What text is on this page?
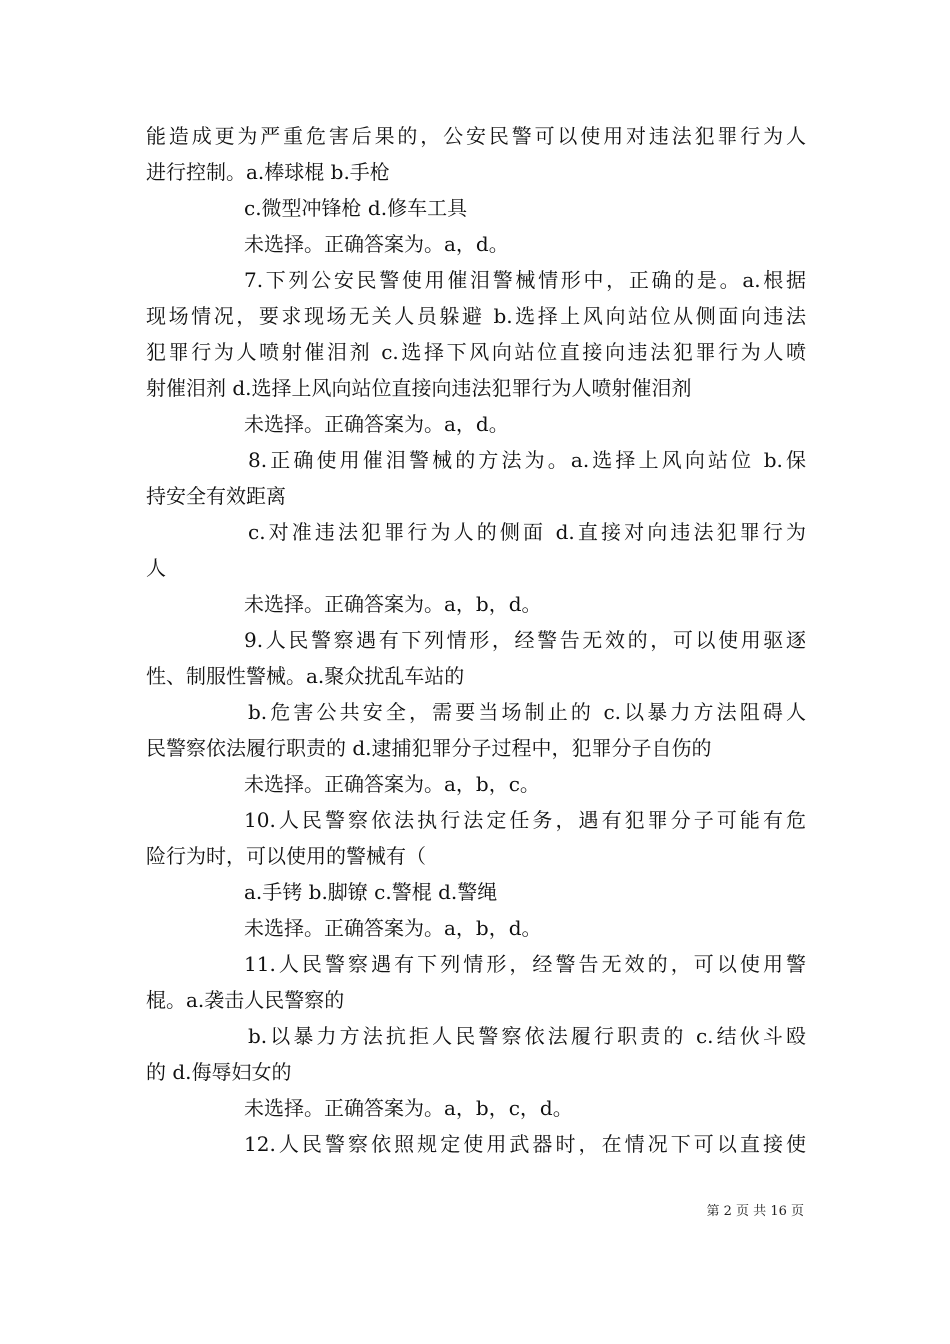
能造成更为严重危害后果的，公安民警可以使用对违法犯罪行为人
进行控制。a.棒球棍 b.手枪
c.微型冲锋枪 d.修车工具
未选择。正确答案为。a，d。
7.下列公安民警使用催泪警械情形中，正确的是。a.根据
现场情况，要求现场无关人员躲避 b.选择上风向站位从侧面向违法
犯罪行为人喷射催泪剂 c.选择下风向站位直接向违法犯罪行为人喷
射催泪剂 d.选择上风向站位直接向违法犯罪行为人喷射催泪剂
未选择。正确答案为。a，d。
8.正确使用催泪警械的方法为。a.选择上风向站位 b.保
持安全有效距离
c.对准违法犯罪行为人的侧面 d.直接对向违法犯罪行为
人
未选择。正确答案为。a，b，d。
9.人民警察遇有下列情形，经警告无效的，可以使用驱逐
性、制服性警械。a.聚众扰乱车站的
b.危害公共安全，需要当场制止的 c.以暴力方法阻碍人
民警察依法履行职责的 d.逮捕犯罪分子过程中，犯罪分子自伤的
未选择。正确答案为。a，b，c。
10.人民警察依法执行法定任务，遇有犯罪分子可能有危
险行为时，可以使用的警械有（
a.手铐 b.脚镣 c.警棍 d.警绳
未选择。正确答案为。a，b，d。
11.人民警察遇有下列情形，经警告无效的，可以使用警
棍。a.袭击人民警察的
b.以暴力方法抗拒人民警察依法履行职责的 c.结伙斗殴
的 d.侮辱妇女的
未选择。正确答案为。a，b，c，d。
12.人民警察依照规定使用武器时，在情况下可以直接使
第 2 页 共 16 页
